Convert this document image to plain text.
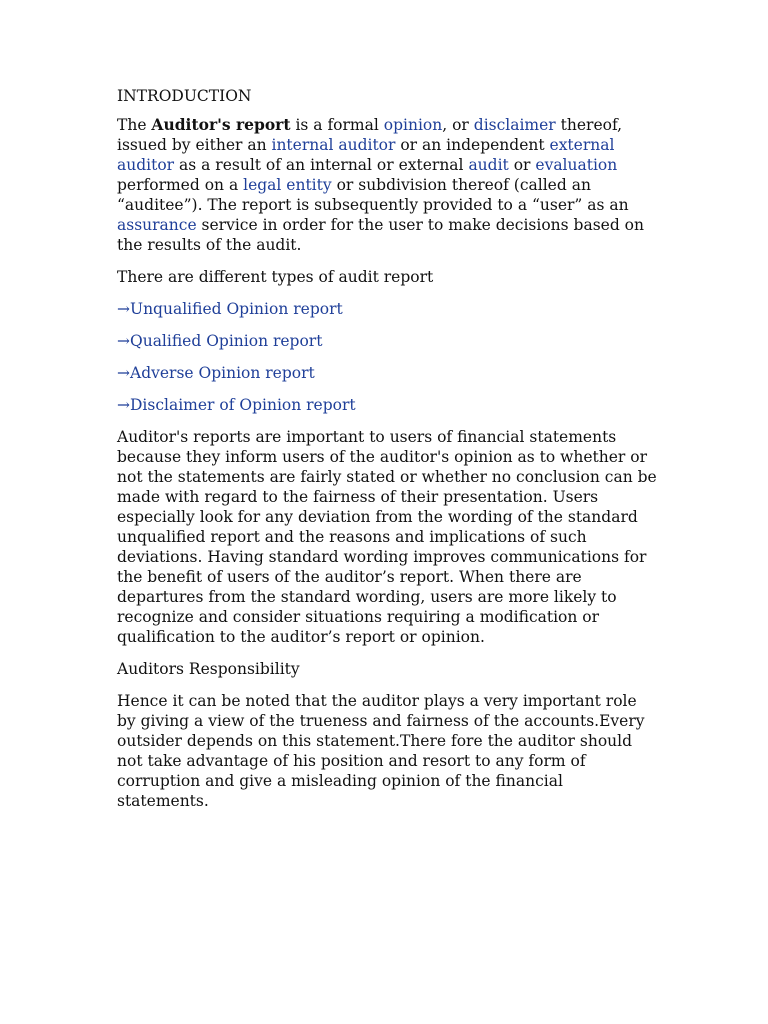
INTRODUCTION

The Auditor's report is a formal opinion, or disclaimer thereof, issued by either an internal auditor or an independent external auditor as a result of an internal or external audit or evaluation performed on a legal entity or subdivision thereof (called an “auditee”). The report is subsequently provided to a “user” as an assurance service in order for the user to make decisions based on the results of the audit.

There are different types of audit report

→Unqualified Opinion report

→Qualified Opinion report

→Adverse Opinion report

→Disclaimer of Opinion report

Auditor's reports are important to users of financial statements because they inform users of the auditor's opinion as to whether or not the statements are fairly stated or whether no conclusion can be made with regard to the fairness of their presentation. Users especially look for any deviation from the wording of the standard unqualified report and the reasons and implications of such deviations. Having standard wording improves communications for the benefit of users of the auditor’s report. When there are departures from the standard wording, users are more likely to recognize and consider situations requiring a modification or qualification to the auditor’s report or opinion.

Auditors Responsibility

Hence it can be noted that the auditor plays a very important role by giving a view of the trueness and fairness of the accounts.Every outsider depends on this statement.There fore the auditor should not take advantage of his position and resort to any form of corruption and give a misleading opinion of the financial statements.
